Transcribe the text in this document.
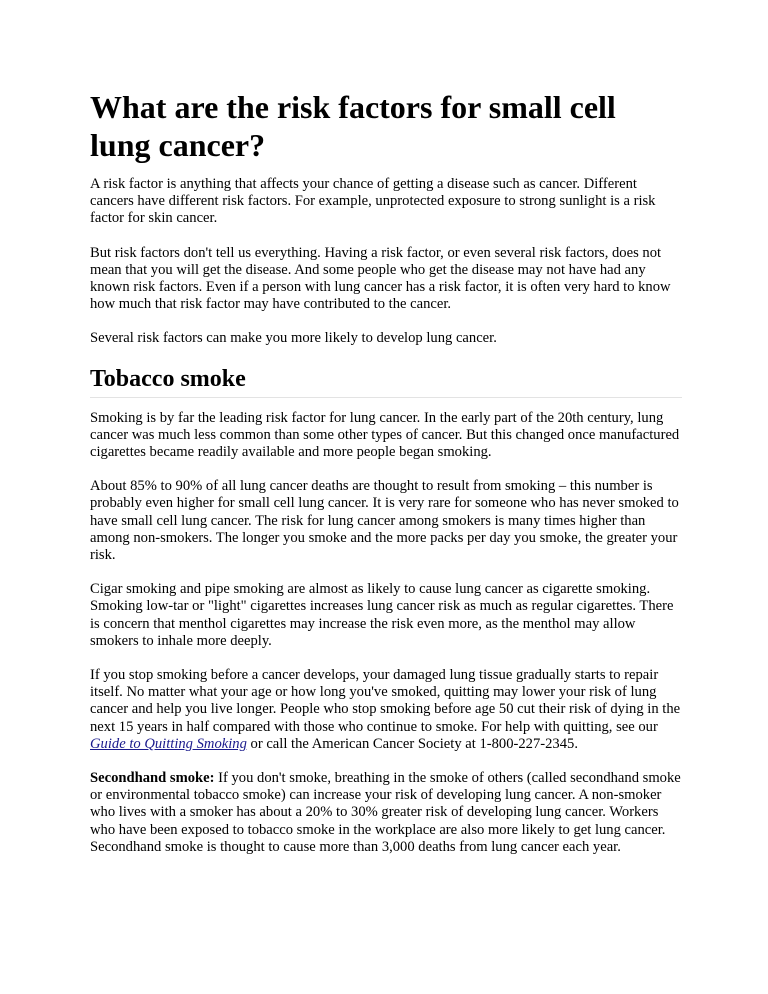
What are the risk factors for small cell lung cancer?

A risk factor is anything that affects your chance of getting a disease such as cancer. Different cancers have different risk factors. For example, unprotected exposure to strong sunlight is a risk factor for skin cancer.

But risk factors don't tell us everything. Having a risk factor, or even several risk factors, does not mean that you will get the disease. And some people who get the disease may not have had any known risk factors. Even if a person with lung cancer has a risk factor, it is often very hard to know how much that risk factor may have contributed to the cancer.

Several risk factors can make you more likely to develop lung cancer.

Tobacco smoke

Smoking is by far the leading risk factor for lung cancer. In the early part of the 20th century, lung cancer was much less common than some other types of cancer. But this changed once manufactured cigarettes became readily available and more people began smoking.

About 85% to 90% of all lung cancer deaths are thought to result from smoking – this number is probably even higher for small cell lung cancer. It is very rare for someone who has never smoked to have small cell lung cancer. The risk for lung cancer among smokers is many times higher than among non-smokers. The longer you smoke and the more packs per day you smoke, the greater your risk.

Cigar smoking and pipe smoking are almost as likely to cause lung cancer as cigarette smoking. Smoking low-tar or "light" cigarettes increases lung cancer risk as much as regular cigarettes. There is concern that menthol cigarettes may increase the risk even more, as the menthol may allow smokers to inhale more deeply.

If you stop smoking before a cancer develops, your damaged lung tissue gradually starts to repair itself. No matter what your age or how long you've smoked, quitting may lower your risk of lung cancer and help you live longer. People who stop smoking before age 50 cut their risk of dying in the next 15 years in half compared with those who continue to smoke. For help with quitting, see our Guide to Quitting Smoking or call the American Cancer Society at 1-800-227-2345.

Secondhand smoke: If you don't smoke, breathing in the smoke of others (called secondhand smoke or environmental tobacco smoke) can increase your risk of developing lung cancer. A non-smoker who lives with a smoker has about a 20% to 30% greater risk of developing lung cancer. Workers who have been exposed to tobacco smoke in the workplace are also more likely to get lung cancer. Secondhand smoke is thought to cause more than 3,000 deaths from lung cancer each year.
